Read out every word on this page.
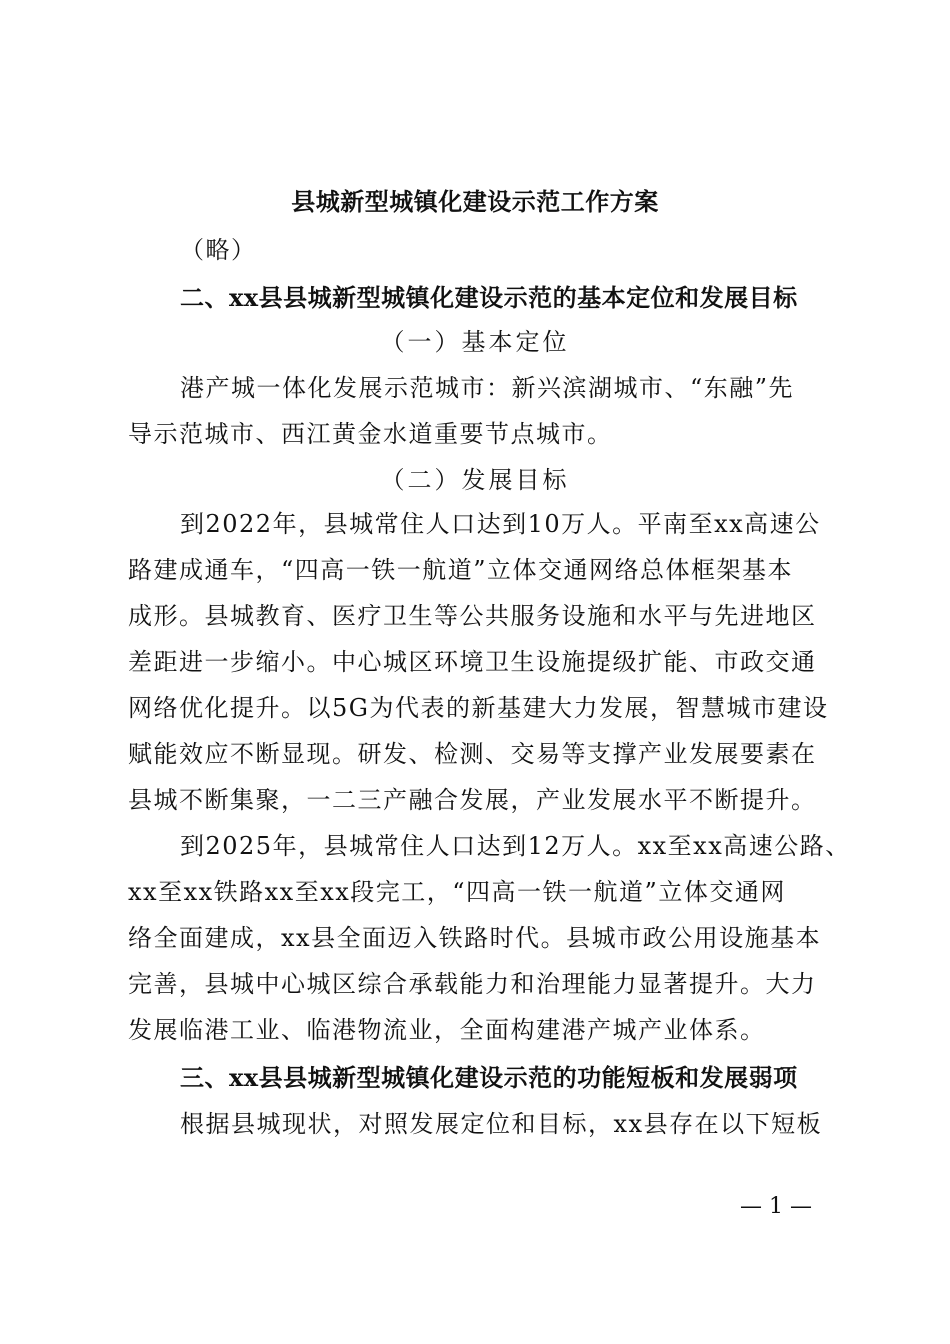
县城新型城镇化建设示范工作方案
（略）
二、xx县县城新型城镇化建设示范的基本定位和发展目标
（一）基本定位
港产城一体化发展示范城市：新兴滨湖城市、“东融”先
导示范城市、西江黄金水道重要节点城市。
（二）发展目标
到2022年，县城常住人口达到10万人。平南至xx高速公
路建成通车，“四高一铁一航道”立体交通网络总体框架基本
成形。县城教育、医疗卫生等公共服务设施和水平与先进地区
差距进一步缩小。中心城区环境卫生设施提级扩能、市政交通
网络优化提升。以5G为代表的新基建大力发展，智慧城市建设
赋能效应不断显现。研发、检测、交易等支撑产业发展要素在
县城不断集聚，一二三产融合发展，产业发展水平不断提升。
到2025年，县城常住人口达到12万人。xx至xx高速公路、
xx至xx铁路xx至xx段完工，“四高一铁一航道”立体交通网
络全面建成，xx县全面迈入铁路时代。县城市政公用设施基本
完善，县城中心城区综合承载能力和治理能力显著提升。大力
发展临港工业、临港物流业，全面构建港产城产业体系。
三、xx县县城新型城镇化建设示范的功能短板和发展弱项
根据县城现状，对照发展定位和目标，xx县存在以下短板
— 1 —
